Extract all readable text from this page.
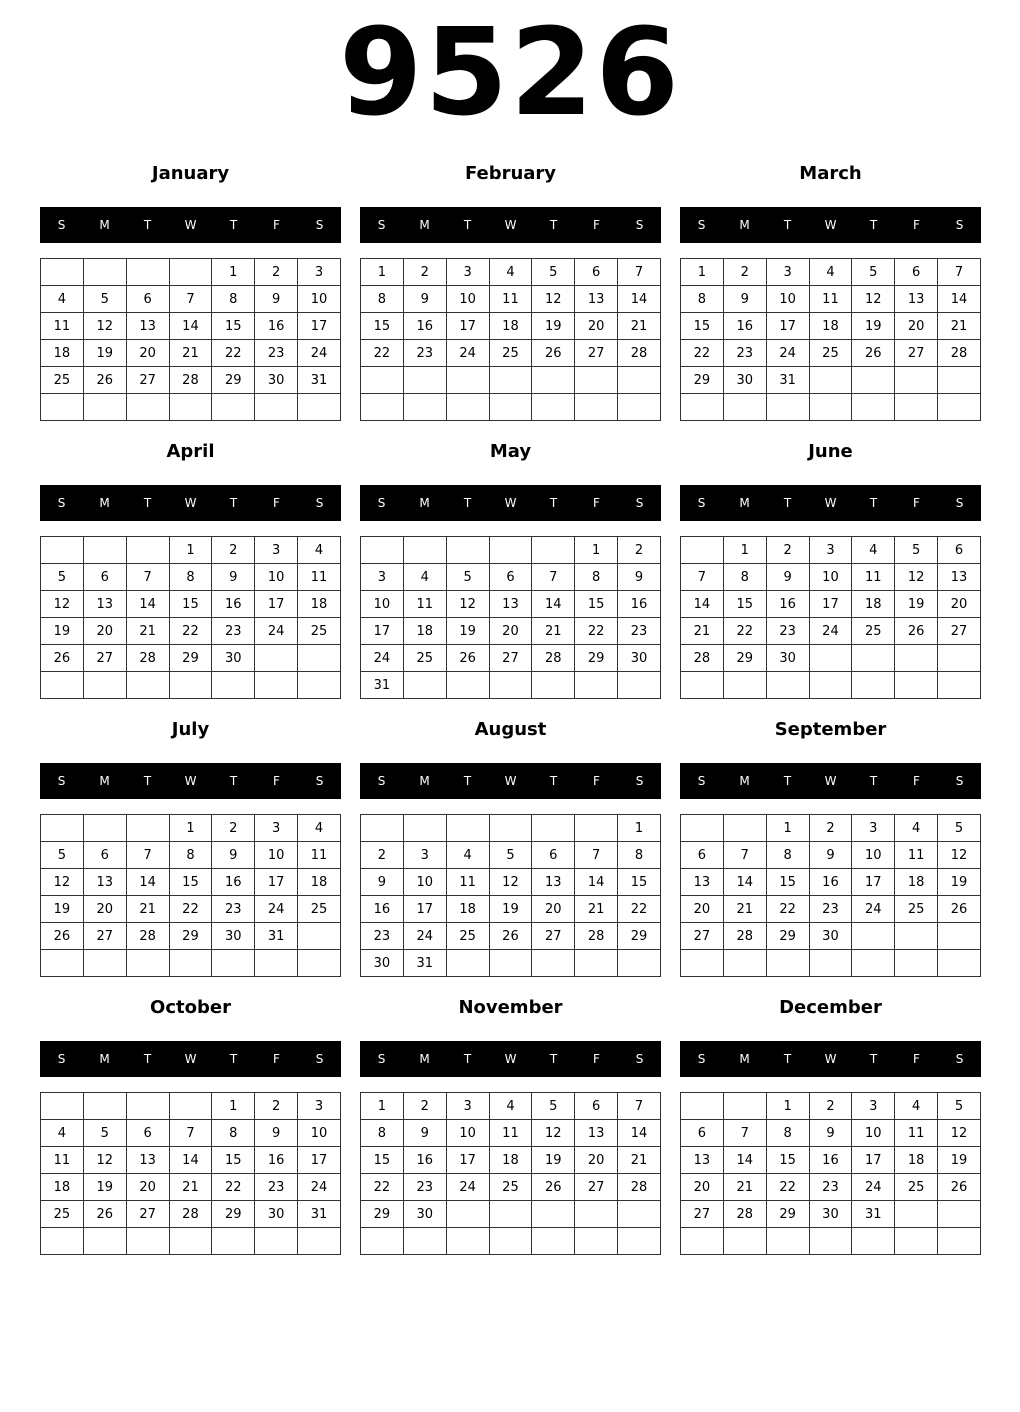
9526
January
S	M	T	W	T	F	S
				1	2	3
4	5	6	7	8	9	10
11	12	13	14	15	16	17
18	19	20	21	22	23	24
25	26	27	28	29	30	31

February
S	M	T	W	T	F	S
1	2	3	4	5	6	7
8	9	10	11	12	13	14
15	16	17	18	19	20	21
22	23	24	25	26	27	28

March
S	M	T	W	T	F	S
1	2	3	4	5	6	7
8	9	10	11	12	13	14
15	16	17	18	19	20	21
22	23	24	25	26	27	28
29	30	31				

April
S	M	T	W	T	F	S
			1	2	3	4
5	6	7	8	9	10	11
12	13	14	15	16	17	18
19	20	21	22	23	24	25
26	27	28	29	30		

May
S	M	T	W	T	F	S
					1	2
3	4	5	6	7	8	9
10	11	12	13	14	15	16
17	18	19	20	21	22	23
24	25	26	27	28	29	30
31						
June
S	M	T	W	T	F	S
	1	2	3	4	5	6
7	8	9	10	11	12	13
14	15	16	17	18	19	20
21	22	23	24	25	26	27
28	29	30				

July
S	M	T	W	T	F	S
			1	2	3	4
5	6	7	8	9	10	11
12	13	14	15	16	17	18
19	20	21	22	23	24	25
26	27	28	29	30	31	

August
S	M	T	W	T	F	S
						1
2	3	4	5	6	7	8
9	10	11	12	13	14	15
16	17	18	19	20	21	22
23	24	25	26	27	28	29
30	31					
September
S	M	T	W	T	F	S
		1	2	3	4	5
6	7	8	9	10	11	12
13	14	15	16	17	18	19
20	21	22	23	24	25	26
27	28	29	30			

October
S	M	T	W	T	F	S
				1	2	3
4	5	6	7	8	9	10
11	12	13	14	15	16	17
18	19	20	21	22	23	24
25	26	27	28	29	30	31

November
S	M	T	W	T	F	S
1	2	3	4	5	6	7
8	9	10	11	12	13	14
15	16	17	18	19	20	21
22	23	24	25	26	27	28
29	30					

December
S	M	T	W	T	F	S
		1	2	3	4	5
6	7	8	9	10	11	12
13	14	15	16	17	18	19
20	21	22	23	24	25	26
27	28	29	30	31		
